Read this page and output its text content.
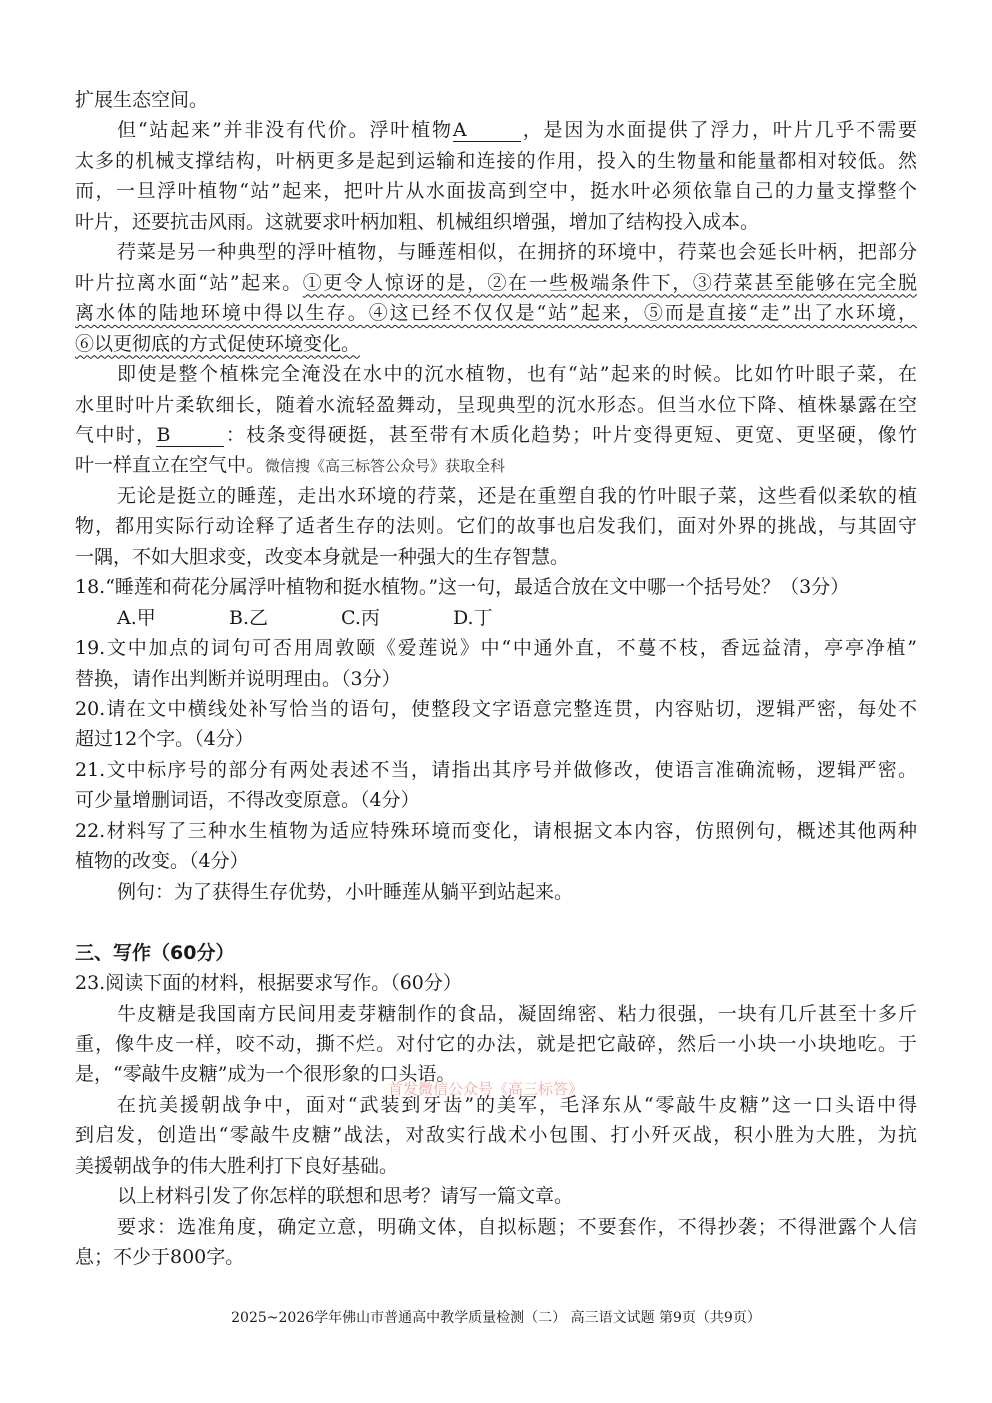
扩展生态空间。
但“站起来”并非没有代价。浮叶植物A	，是因为水面提供了浮力，叶片几乎不需要
太多的机械支撑结构，叶柄更多是起到运输和连接的作用，投入的生物量和能量都相对较低。然
而，一旦浮叶植物“站”起来，把叶片从水面拔高到空中，挺水叶必须依靠自己的力量支撑整个
叶片，还要抗击风雨。这就要求叶柄加粗、机械组织增强，增加了结构投入成本。
荇菜是另一种典型的浮叶植物，与睡莲相似，在拥挤的环境中，荇菜也会延长叶柄，把部分
叶片拉离水面“站”起来。①更令人惊讶的是，②在一些极端条件下，③荇菜甚至能够在完全脱
离水体的陆地环境中得以生存。④这已经不仅仅是“站”起来，⑤而是直接“走”出了水环境，
⑥以更彻底的方式促使环境变化。
即使是整个植株完全淹没在水中的沉水植物，也有“站”起来的时候。比如竹叶眼子菜，在
水里时叶片柔软细长，随着水流轻盈舞动，呈现典型的沉水形态。但当水位下降、植株暴露在空
气中时，B	：枝条变得硬挺，甚至带有木质化趋势；叶片变得更短、更宽、更坚硬，像竹
叶一样直立在空气中。微信搜《高三标答公众号》获取全科
无论是挺立的睡莲，走出水环境的荇菜，还是在重塑自我的竹叶眼子菜，这些看似柔软的植
物，都用实际行动诠释了适者生存的法则。它们的故事也启发我们，面对外界的挑战，与其固守
一隅，不如大胆求变，改变本身就是一种强大的生存智慧。
18.“睡莲和荷花分属浮叶植物和挺水植物。”这一句，最适合放在文中哪一个括号处？（3分）
A.甲	B.乙	C.丙	D.丁
19.文中加点的词句可否用周敦颐《爱莲说》中“中通外直，不蔓不枝，香远益清，亭亭净植”
替换，请作出判断并说明理由。（3分）
20.请在文中横线处补写恰当的语句，使整段文字语意完整连贯，内容贴切，逻辑严密，每处不
超过12个字。（4分）
21.文中标序号的部分有两处表述不当，请指出其序号并做修改，使语言准确流畅，逻辑严密。
可少量增删词语，不得改变原意。（4分）
22.材料写了三种水生植物为适应特殊环境而变化，请根据文本内容，仿照例句，概述其他两种
植物的改变。（4分）
例句：为了获得生存优势，小叶睡莲从躺平到站起来。
三、写作（60分）
23.阅读下面的材料，根据要求写作。（60分）
牛皮糖是我国南方民间用麦芽糖制作的食品，凝固绵密、粘力很强，一块有几斤甚至十多斤
重，像牛皮一样，咬不动，撕不烂。对付它的办法，就是把它敲碎，然后一小块一小块地吃。于
是，“零敲牛皮糖”成为一个很形象的口头语。
在抗美援朝战争中，面对“武装到牙齿”的美军，毛泽东从“零敲牛皮糖”这一口头语中得
到启发，创造出“零敲牛皮糖”战法，对敌实行战术小包围、打小歼灭战，积小胜为大胜，为抗
美援朝战争的伟大胜利打下良好基础。
以上材料引发了你怎样的联想和思考？请写一篇文章。
要求：选准角度，确定立意，明确文体，自拟标题；不要套作，不得抄袭；不得泄露个人信
息；不少于800字。
首发微信公众号《高三标答》
2025~2026学年佛山市普通高中教学质量检测（二） 高三语文试题 第9页（共9页）
